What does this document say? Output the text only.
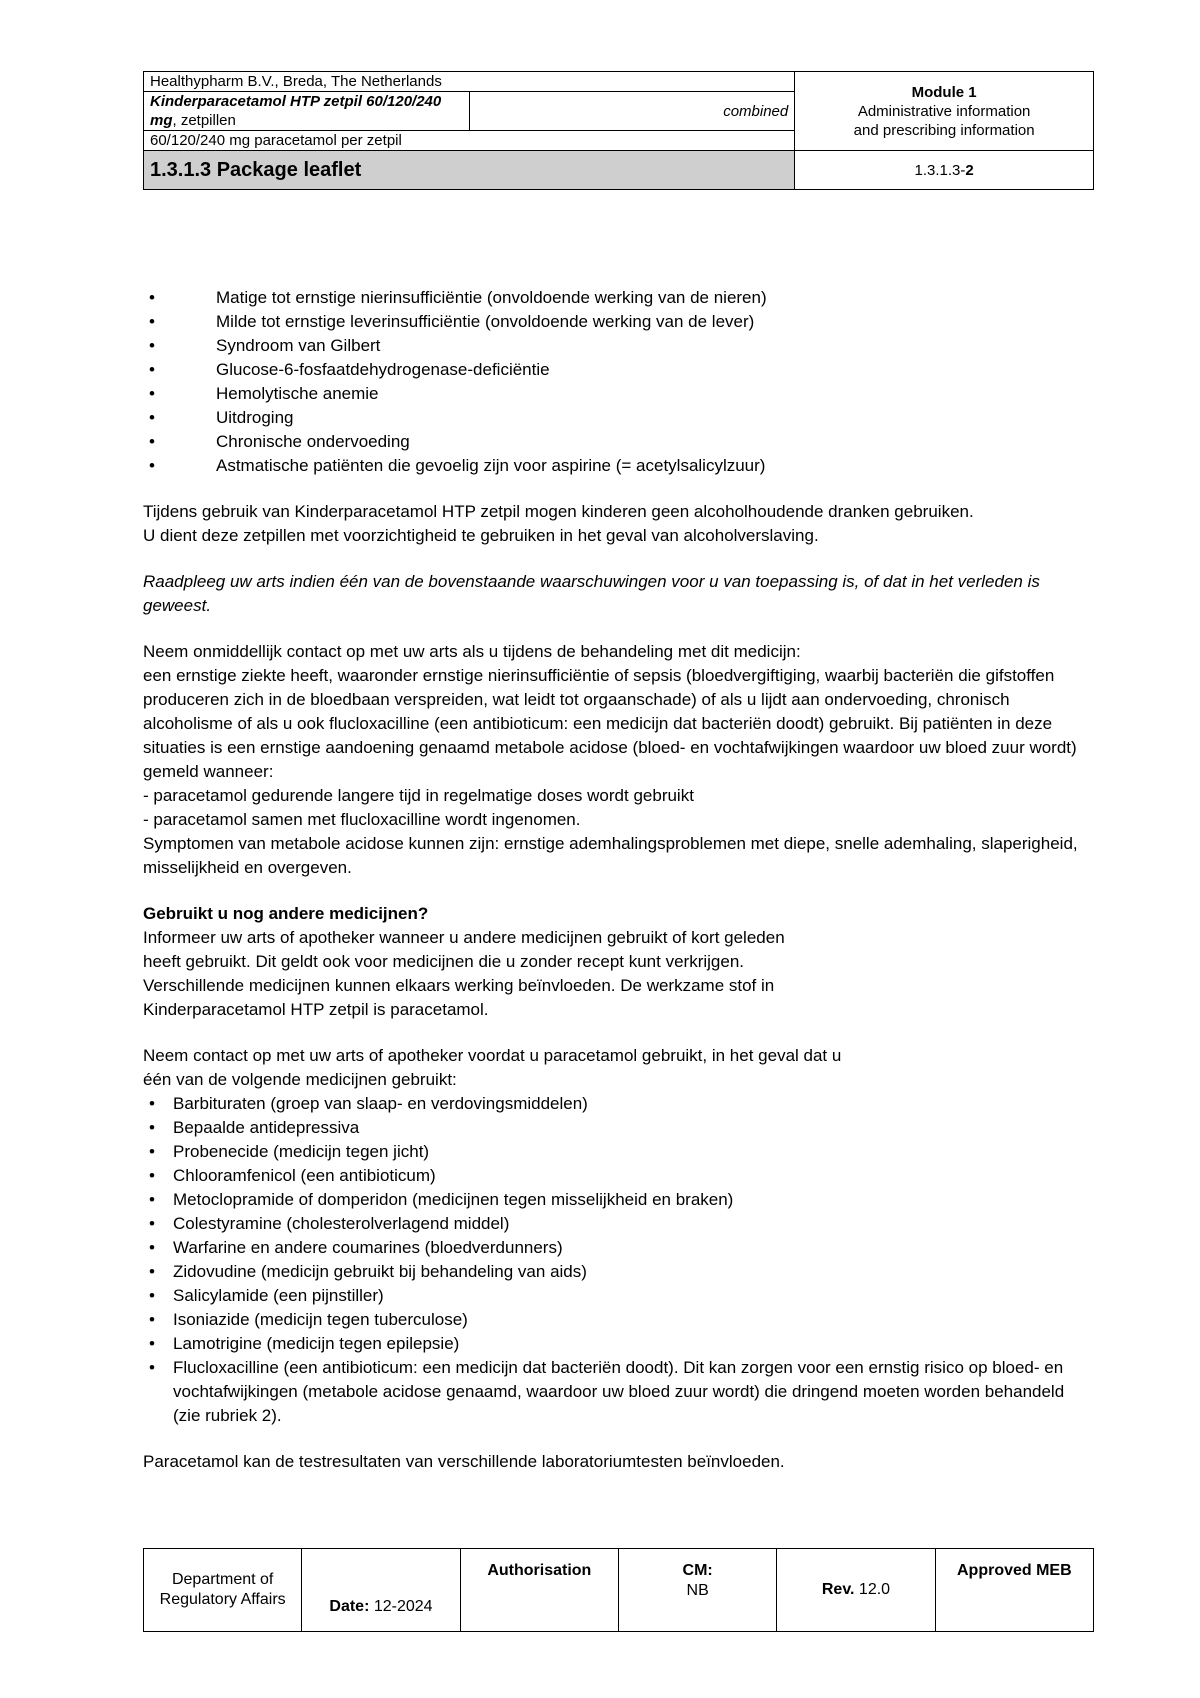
Healthypharm B.V., Breda, The Netherlands		Module 1
Administrative information
and prescribing information

Kinderparacetamol HTP zetpil 60/120/240 mg, zetpillen	combined	
60/120/240 mg paracetamol per zetpil		
1.3.1.3 Package leaflet		1.3.1.3-2
• Matige tot ernstige nierinsufficiëntie (onvoldoende werking van de nieren)
• Milde tot ernstige leverinsufficiëntie (onvoldoende werking van de lever)
• Syndroom van Gilbert
• Glucose-6-fosfaatdehydrogenase-deficiëntie
• Hemolytische anemie
• Uitdroging
• Chronische ondervoeding
• Astmatische patiënten die gevoelig zijn voor aspirine (= acetylsalicylzuur)

Tijdens gebruik van Kinderparacetamol HTP zetpil mogen kinderen geen alcoholhoudende dranken gebruiken.

U dient deze zetpillen met voorzichtigheid te gebruiken in het geval van alcoholverslaving.

Raadpleeg uw arts indien één van de bovenstaande waarschuwingen voor u van toepassing is, of dat in het verleden is geweest.

Neem onmiddellijk contact op met uw arts als u tijdens de behandeling met dit medicijn:

een ernstige ziekte heeft, waaronder ernstige nierinsufficiëntie of sepsis (bloedvergiftiging, waarbij bacteriën die gifstoffen produceren zich in de bloedbaan verspreiden, wat leidt tot orgaanschade) of als u lijdt aan ondervoeding, chronisch alcoholisme of als u ook flucloxacilline (een antibioticum: een medicijn dat bacteriën doodt) gebruikt. Bij patiënten in deze situaties is een ernstige aandoening genaamd metabole acidose (bloed- en vochtafwijkingen waardoor uw bloed zuur wordt) gemeld wanneer:

- paracetamol gedurende langere tijd in regelmatige doses wordt gebruikt

- paracetamol samen met flucloxacilline wordt ingenomen.

Symptomen van metabole acidose kunnen zijn: ernstige ademhalingsproblemen met diepe, snelle ademhaling, slaperigheid, misselijkheid en overgeven.

Gebruikt u nog andere medicijnen?

Informeer uw arts of apotheker wanneer u andere medicijnen gebruikt of kort geleden

heeft gebruikt. Dit geldt ook voor medicijnen die u zonder recept kunt verkrijgen.

Verschillende medicijnen kunnen elkaars werking beïnvloeden. De werkzame stof in

Kinderparacetamol HTP zetpil is paracetamol.

Neem contact op met uw arts of apotheker voordat u paracetamol gebruikt, in het geval dat u

één van de volgende medicijnen gebruikt:

• Barbituraten (groep van slaap- en verdovingsmiddelen)
• Bepaalde antidepressiva
• Probenecide (medicijn tegen jicht)
• Chlooramfenicol (een antibioticum)
• Metoclopramide of domperidon (medicijnen tegen misselijkheid en braken)
• Colestyramine (cholesterolverlagend middel)
• Warfarine en andere coumarines (bloedverdunners)
• Zidovudine (medicijn gebruikt bij behandeling van aids)
• Salicylamide (een pijnstiller)
• Isoniazide (medicijn tegen tuberculose)
• Lamotrigine (medicijn tegen epilepsie)
• Flucloxacilline (een antibioticum: een medicijn dat bacteriën doodt). Dit kan zorgen voor een ernstig risico op bloed- en vochtafwijkingen (metabole acidose genaamd, waardoor uw bloed zuur wordt) die dringend moeten worden behandeld (zie rubriek 2).

Paracetamol kan de testresultaten van verschillende laboratoriumtesten beïnvloeden.

Department of
Regulatory Affairs	Date: 12-2024	Authorisation	CM:
NB	Rev. 12.0	Approved MEB
